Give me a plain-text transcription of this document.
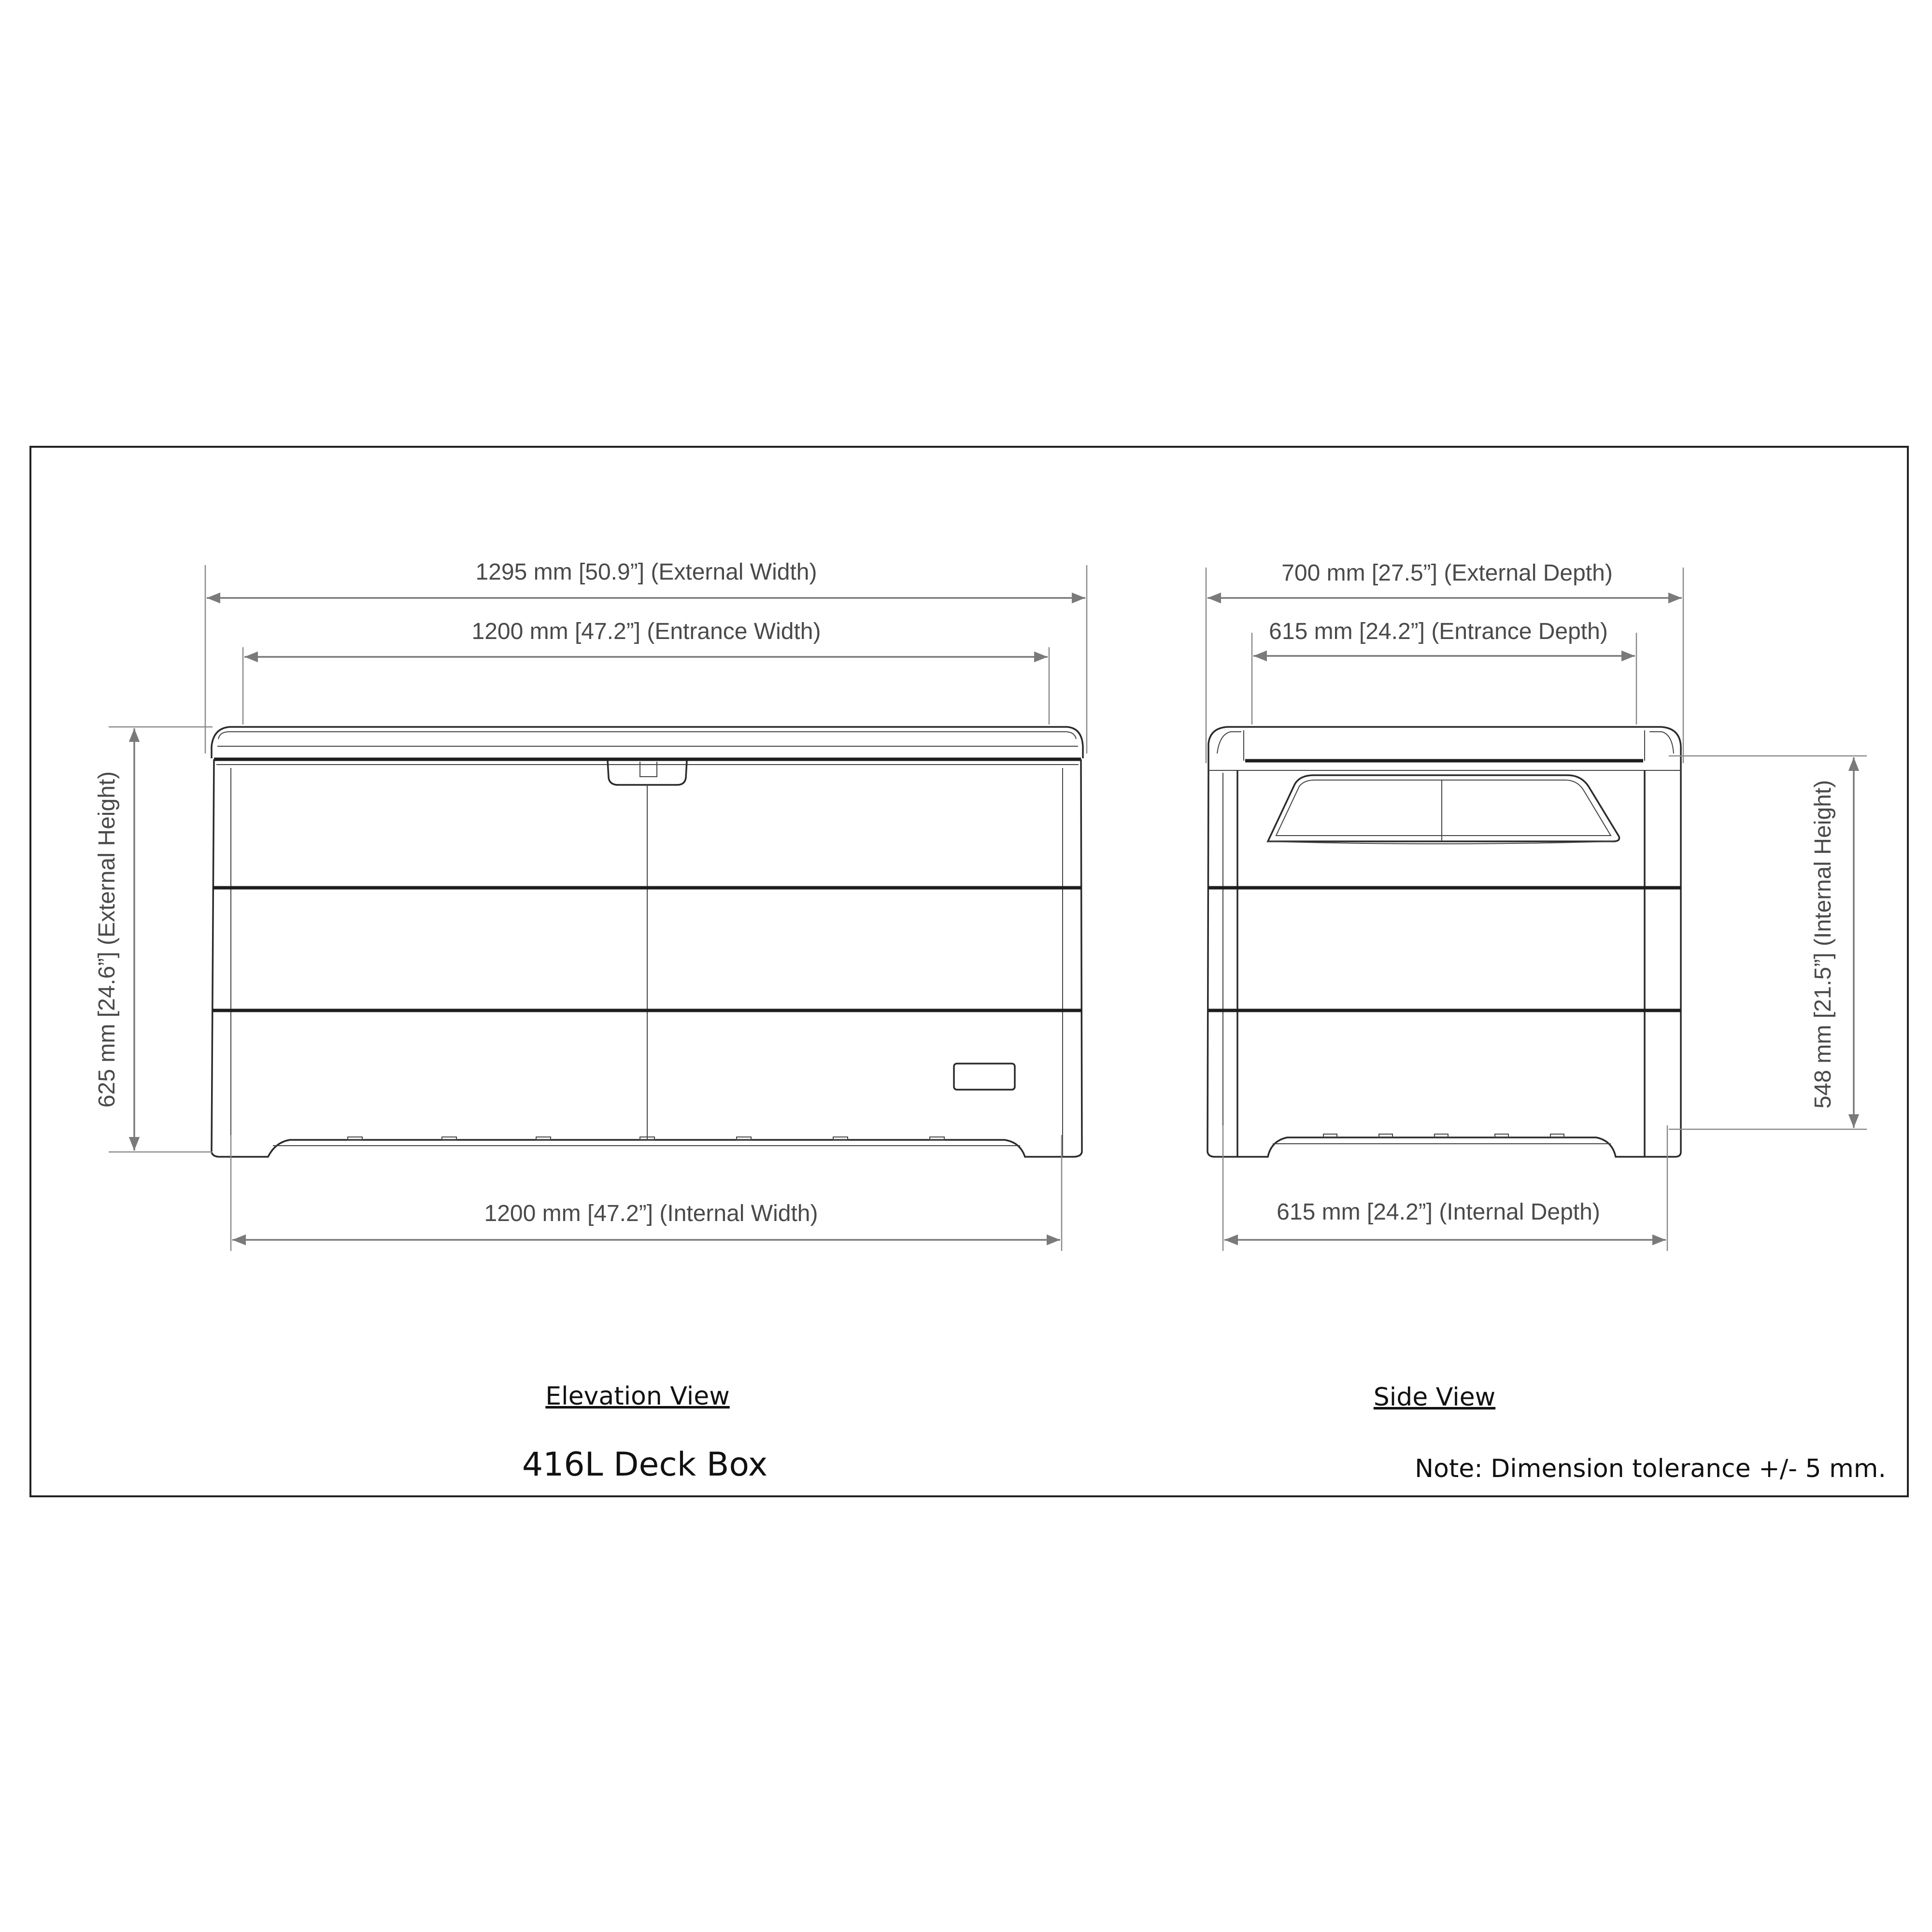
1295 mm [50.9”] (External Width)
1200 mm [47.2”] (Entrance Width)
1200 mm [47.2”] (Internal Width)
625 mm [24.6”] (External Height)
700 mm [27.5”] (External Depth)
615 mm [24.2”] (Entrance Depth)
615 mm [24.2”] (Internal Depth)
548 mm [21.5”] (Internal Height)
Elevation View	Side View
416L Deck Box	Note: Dimension tolerance +/- 5 mm.
